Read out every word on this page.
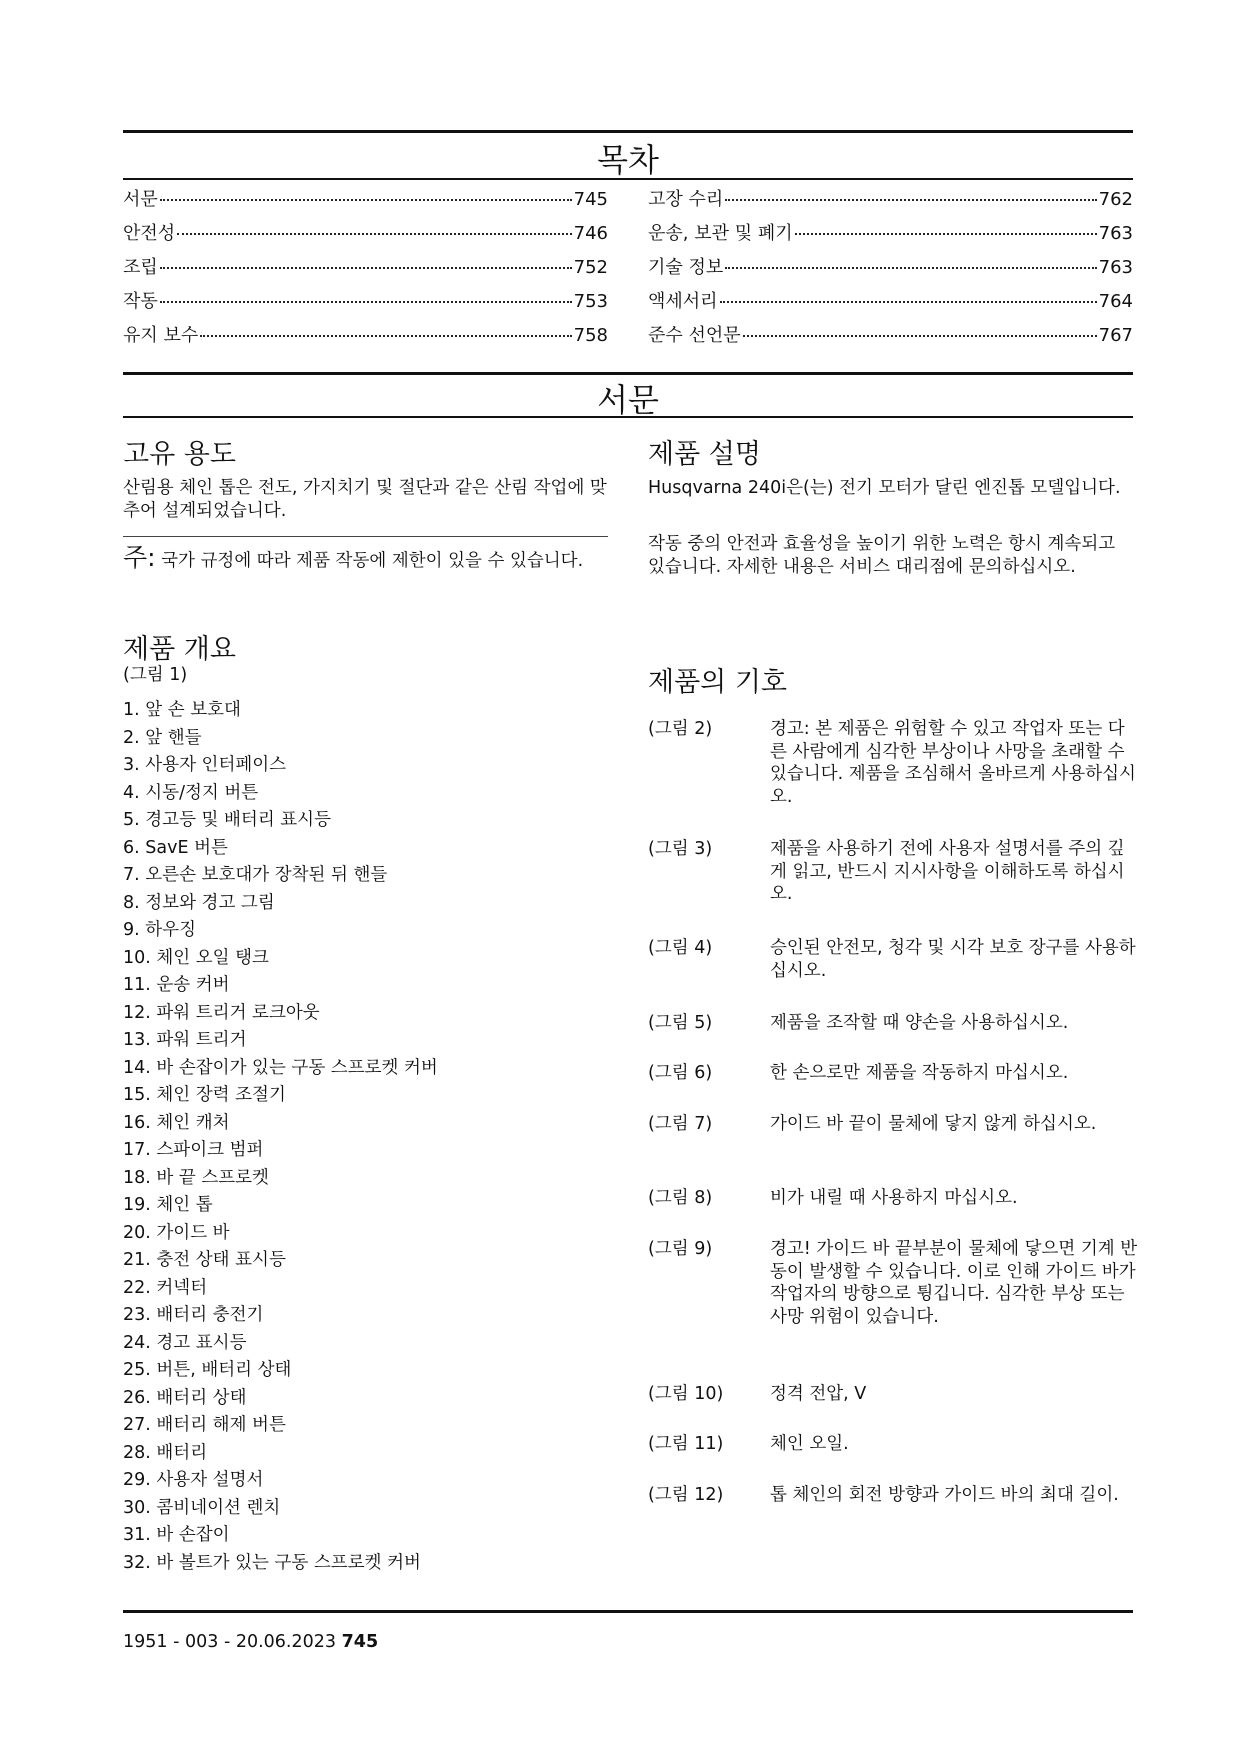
목차
서문	745
안전성	746
조립	752
작동	753
유지 보수	758
고장 수리	762
운송, 보관 및 폐기	763
기술 정보	763
액세서리	764
준수 선언문	767
서문
고유 용도
산림용 체인 톱은 전도, 가지치기 및 절단과 같은 산림 작업에 맞추어 설계되었습니다.
주: 국가 규정에 따라 제품 작동에 제한이 있을 수 있습니다.
제품 개요
(그림 1)
1. 앞 손 보호대
2. 앞 핸들
3. 사용자 인터페이스
4. 시동/정지 버튼
5. 경고등 및 배터리 표시등
6. SavE 버튼
7. 오른손 보호대가 장착된 뒤 핸들
8. 정보와 경고 그림
9. 하우징
10. 체인 오일 탱크
11. 운송 커버
12. 파워 트리거 로크아웃
13. 파워 트리거
14. 바 손잡이가 있는 구동 스프로켓 커버
15. 체인 장력 조절기
16. 체인 캐처
17. 스파이크 범퍼
18. 바 끝 스프로켓
19. 체인 톱
20. 가이드 바
21. 충전 상태 표시등
22. 커넥터
23. 배터리 충전기
24. 경고 표시등
25. 버튼, 배터리 상태
26. 배터리 상태
27. 배터리 해제 버튼
28. 배터리
29. 사용자 설명서
30. 콤비네이션 렌치
31. 바 손잡이
32. 바 볼트가 있는 구동 스프로켓 커버
제품 설명
Husqvarna 240i은(는) 전기 모터가 달린 엔진톱 모델입니다.
작동 중의 안전과 효율성을 높이기 위한 노력은 항시 계속되고 있습니다. 자세한 내용은 서비스 대리점에 문의하십시오.
제품의 기호
(그림 2)	경고: 본 제품은 위험할 수 있고 작업자 또는 다른 사람에게 심각한 부상이나 사망을 초래할 수 있습니다. 제품을 조심해서 올바르게 사용하십시오.
(그림 3)	제품을 사용하기 전에 사용자 설명서를 주의 깊게 읽고, 반드시 지시사항을 이해하도록 하십시오.
(그림 4)	승인된 안전모, 청각 및 시각 보호 장구를 사용하십시오.
(그림 5)	제품을 조작할 때 양손을 사용하십시오.
(그림 6)	한 손으로만 제품을 작동하지 마십시오.
(그림 7)	가이드 바 끝이 물체에 닿지 않게 하십시오.
(그림 8)	비가 내릴 때 사용하지 마십시오.
(그림 9)	경고! 가이드 바 끝부분이 물체에 닿으면 기계 반동이 발생할 수 있습니다. 이로 인해 가이드 바가 작업자의 방향으로 튕깁니다. 심각한 부상 또는 사망 위험이 있습니다.
(그림 10)	정격 전압, V
(그림 11)	체인 오일.
(그림 12)	톱 체인의 회전 방향과 가이드 바의 최대 길이.
1951 - 003 - 20.06.2023 745
